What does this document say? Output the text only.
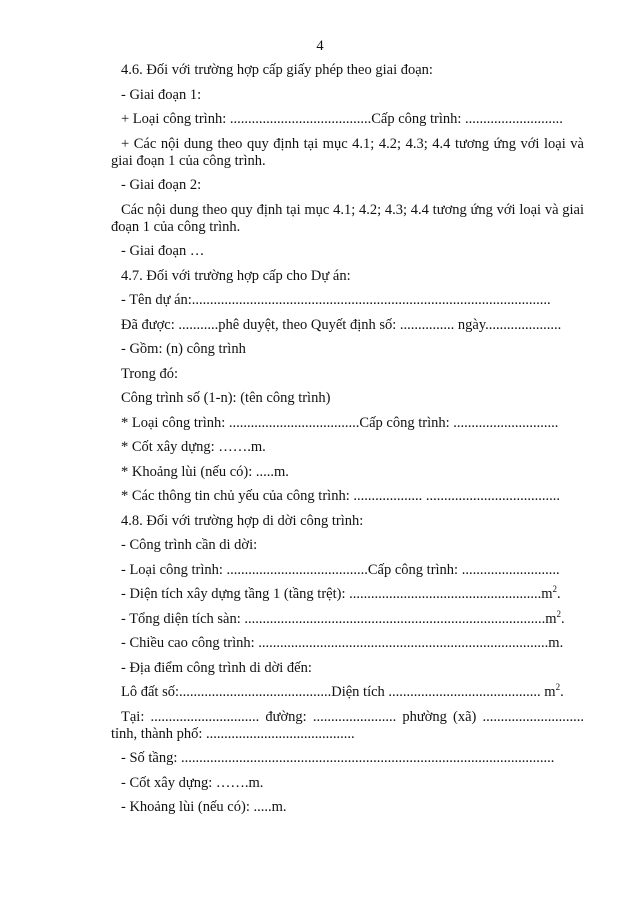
4

4.6. Đối với trường hợp cấp giấy phép theo giai đoạn:

- Giai đoạn 1:

+ Loại công trình: .......................................Cấp công trình: ...........................

+ Các nội dung theo quy định tại mục 4.1; 4.2; 4.3; 4.4 tương ứng với loại và giai đoạn 1 của công trình.

- Giai đoạn 2:

Các nội dung theo quy định tại mục 4.1; 4.2; 4.3; 4.4 tương ứng với loại và giai đoạn 1 của công trình.

- Giai đoạn …

4.7. Đối với trường hợp cấp cho Dự án:

- Tên dự án:...................................................................................................

Đã được: ...........phê duyệt, theo Quyết định số: ............... ngày.....................

- Gồm: (n) công trình

Trong đó:

Công trình số (1-n): (tên công trình)

* Loại công trình: ....................................Cấp công trình: .............................

* Cốt xây dựng: …….m.

* Khoảng lùi (nếu có): .....m.

* Các thông tin chủ yếu của công trình: ................... .....................................

4.8. Đối với trường hợp di dời công trình:

- Công trình cần di dời:

- Loại công trình: .......................................Cấp công trình: ...........................

- Diện tích xây dựng tầng 1 (tầng trệt): $.....................................................m^2$.

- Tổng diện tích sàn: $...................................................................................m^2$.

- Chiều cao công trình: ................................................................................m.

- Địa điểm công trình di dời đến:

Lô đất số:..........................................Diện tích .......................................... $m^2$.

Tại: .............................. đường: ....................... phường (xã) ............................ tỉnh, thành phố: .........................................

- Số tầng: .......................................................................................................

- Cốt xây dựng: …….m.

- Khoảng lùi (nếu có): .....m.
